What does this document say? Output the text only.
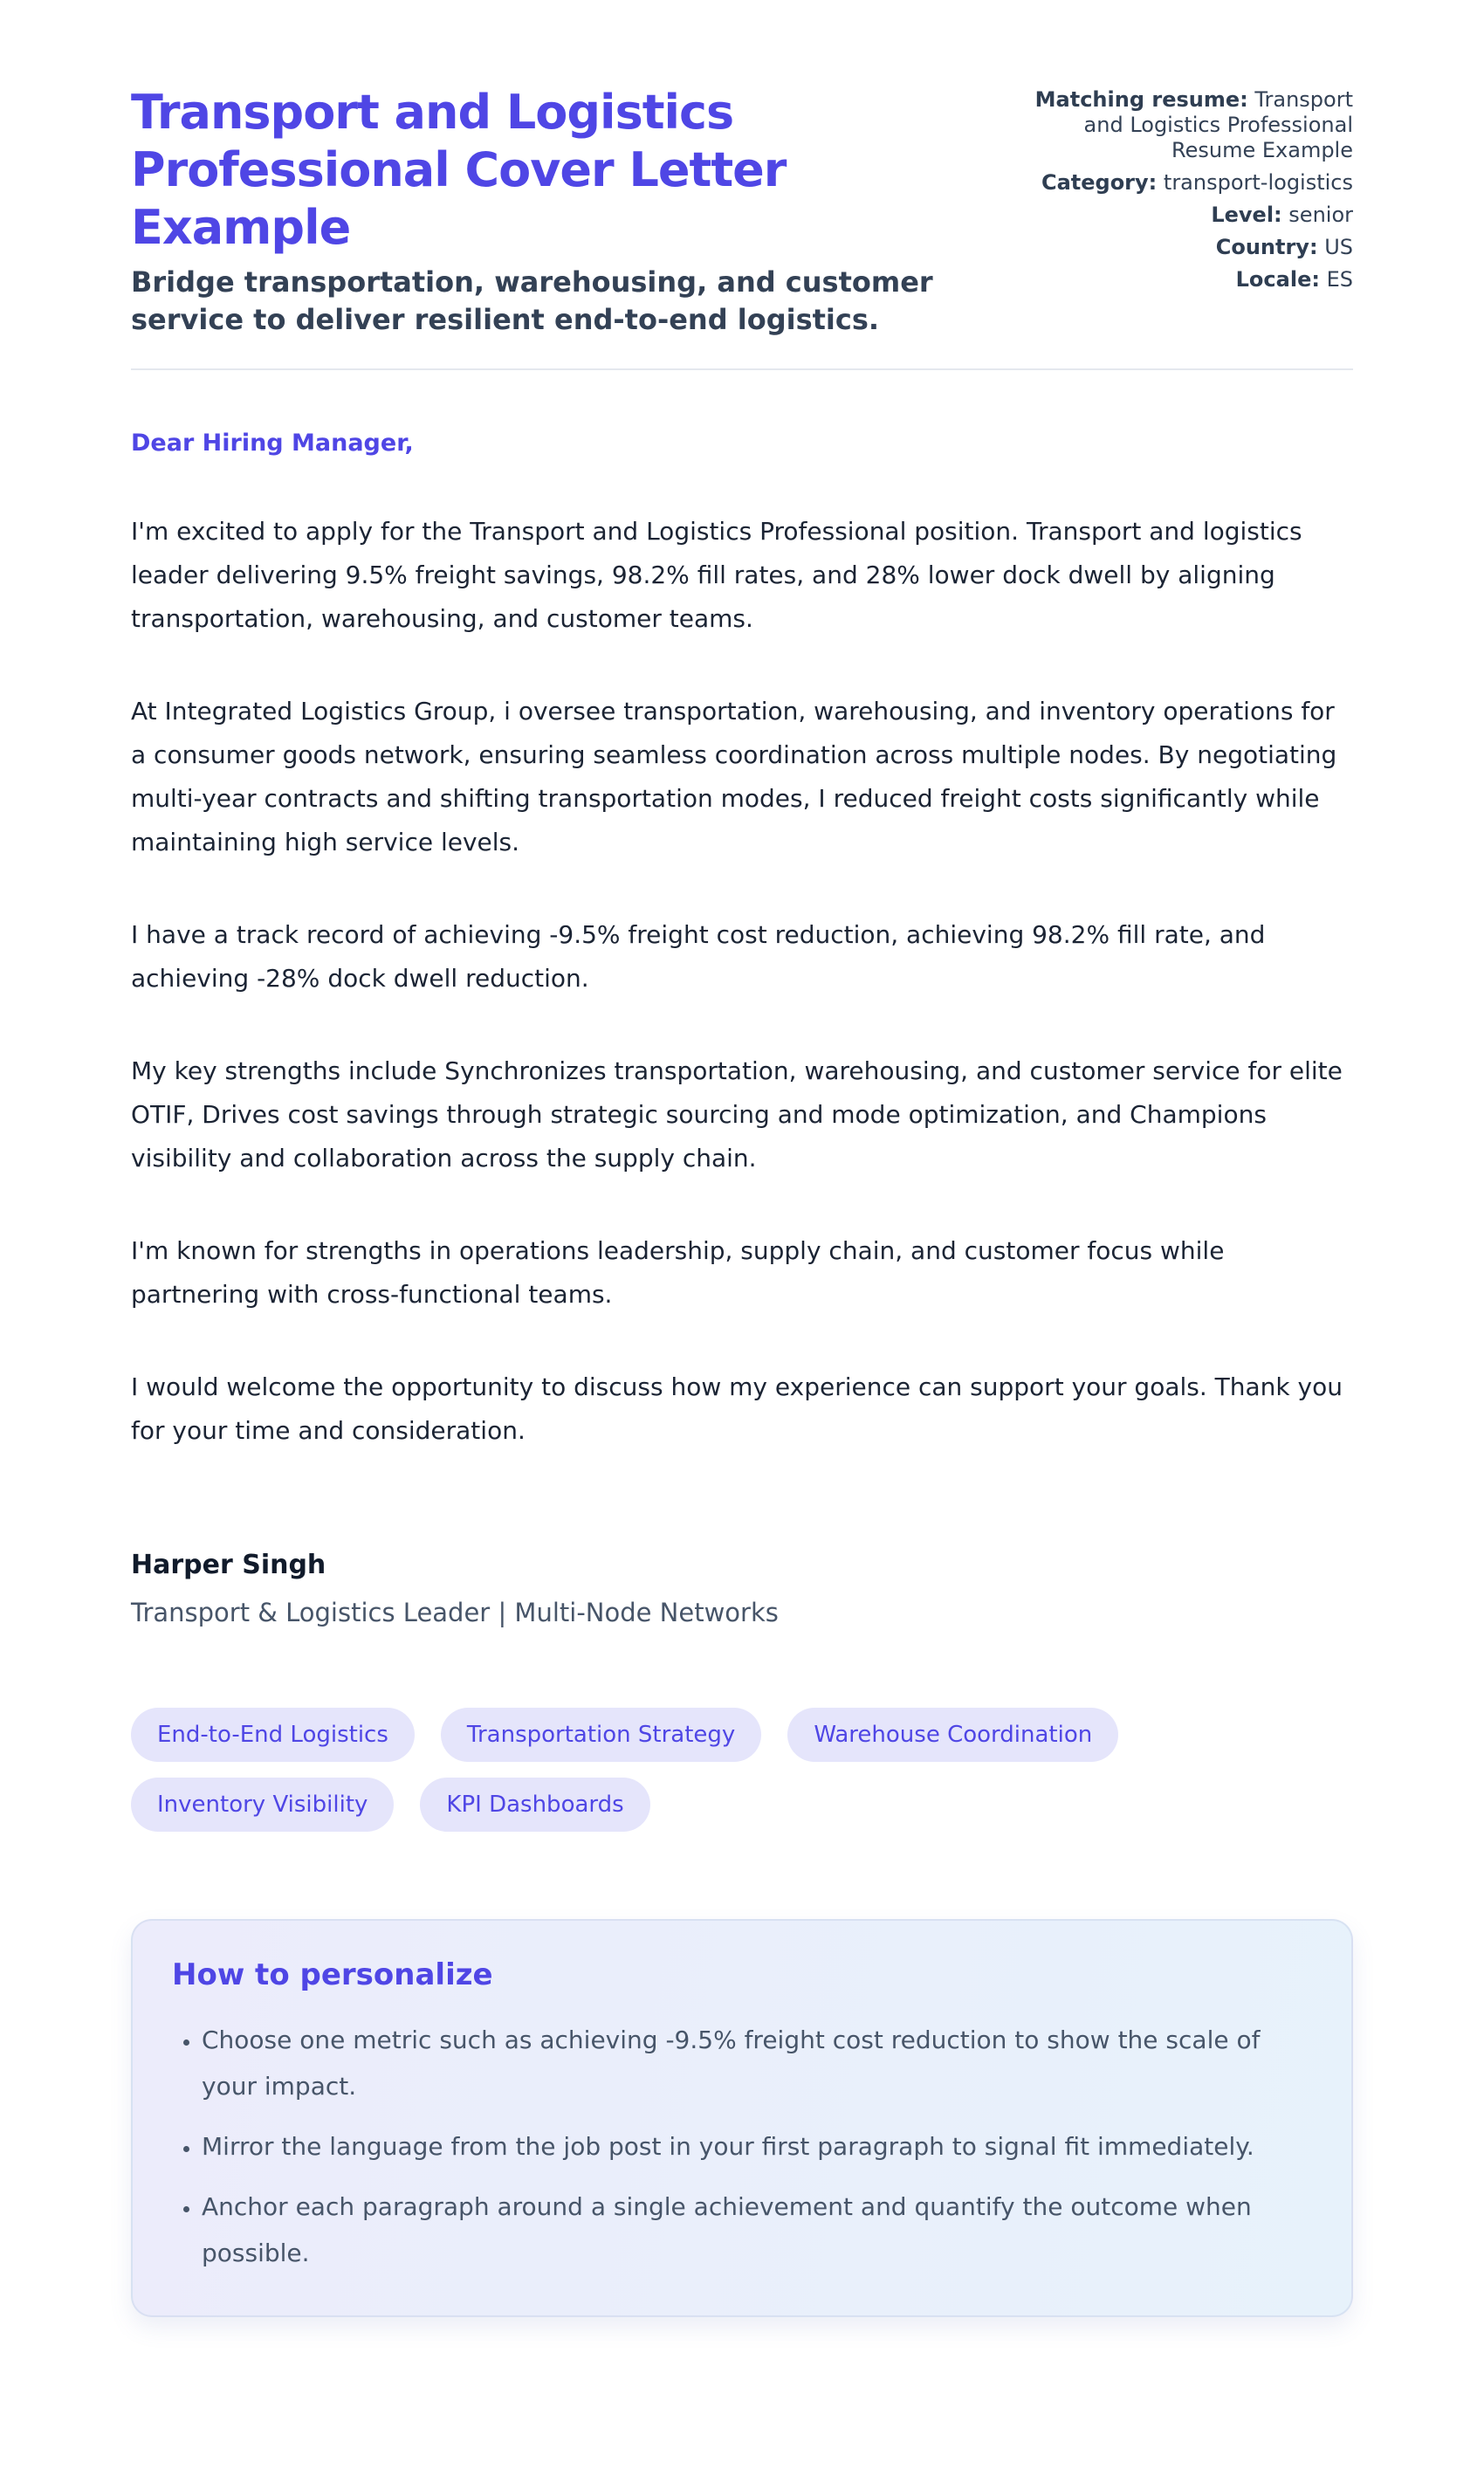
Transport and Logistics Professional Cover Letter Example

Bridge transportation, warehousing, and customer service to deliver resilient end-to-end logistics.

Matching resume: Transport and Logistics Professional Resume Example
Category: transport-logistics
Level: senior
Country: US
Locale: ES

Dear Hiring Manager,

I'm excited to apply for the Transport and Logistics Professional position. Transport and logistics leader delivering 9.5% freight savings, 98.2% fill rates, and 28% lower dock dwell by aligning transportation, warehousing, and customer teams.

At Integrated Logistics Group, i oversee transportation, warehousing, and inventory operations for a consumer goods network, ensuring seamless coordination across multiple nodes. By negotiating multi-year contracts and shifting transportation modes, I reduced freight costs significantly while maintaining high service levels.

I have a track record of achieving -9.5% freight cost reduction, achieving 98.2% fill rate, and achieving -28% dock dwell reduction.

My key strengths include Synchronizes transportation, warehousing, and customer service for elite OTIF, Drives cost savings through strategic sourcing and mode optimization, and Champions visibility and collaboration across the supply chain.

I'm known for strengths in operations leadership, supply chain, and customer focus while partnering with cross-functional teams.

I would welcome the opportunity to discuss how my experience can support your goals. Thank you for your time and consideration.

Harper Singh

Transport & Logistics Leader | Multi-Node Networks

End-to-End Logistics	Transportation Strategy	Warehouse Coordination
Inventory Visibility	KPI Dashboards
How to personalize
• Choose one metric such as achieving -9.5% freight cost reduction to show the scale of your impact.
• Mirror the language from the job post in your first paragraph to signal fit immediately.
• Anchor each paragraph around a single achievement and quantify the outcome when possible.
